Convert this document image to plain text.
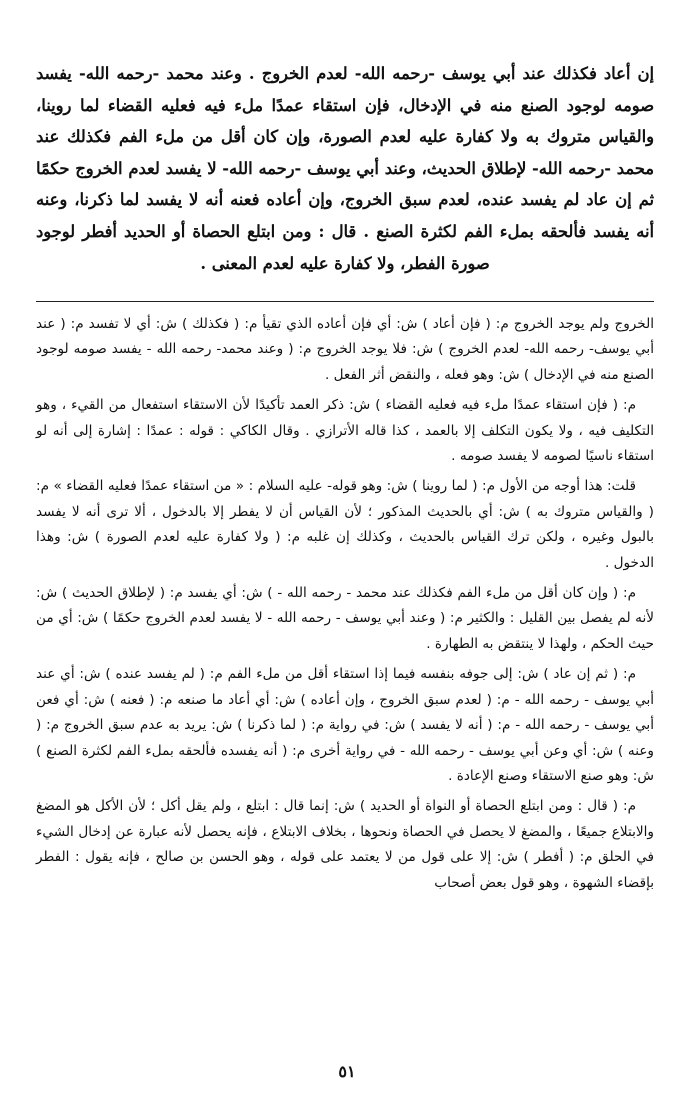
إن أعاد فكذلك عند أبي يوسف -رحمه الله- لعدم الخروج . وعند محمد -رحمه الله- يفسد صومه لوجود الصنع منه في الإدخال، فإن استقاء عمدًا ملء فيه فعليه القضاء لما روينا، والقياس متروك به ولا كفارة عليه لعدم الصورة، وإن كان أقل من ملء الفم فكذلك عند محمد -رحمه الله- لإطلاق الحديث، وعند أبي يوسف -رحمه الله- لا يفسد لعدم الخروج حكمًا ثم إن عاد لم يفسد عنده، لعدم سبق الخروج، وإن أعاده فعنه أنه لا يفسد لما ذكرنا، وعنه أنه يفسد فألحقه بملء الفم لكثرة الصنع . قال : ومن ابتلع الحصاة أو الحديد أفطر لوجود صورة الفطر، ولا كفارة عليه لعدم المعنى .

الخروج ولم يوجد الخروج م: ( فإن أعاد ) ش: أي فإن أعاده الذي تقيأ م: ( فكذلك ) ش: أي لا تفسد م: ( عند أبي يوسف- رحمه الله- لعدم الخروج ) ش: فلا يوجد الخروج م: ( وعند محمد- رحمه الله - يفسد صومه لوجود الصنع منه في الإدخال ) ش: وهو فعله ، والنقض أثر الفعل .

م: ( فإن استقاء عمدًا ملء فيه فعليه القضاء ) ش: ذكر العمد تأكيدًا لأن الاستقاء استفعال من القيء ، وهو التكليف فيه ، ولا يكون التكلف إلا بالعمد ، كذا قاله الأترازي . وقال الكاكي : قوله : عمدًا : إشارة إلى أنه لو استقاء ناسيًا لصومه لا يفسد صومه .

قلت: هذا أوجه من الأول م: ( لما روينا ) ش: وهو قوله- عليه السلام : « من استقاء عمدًا فعليه القضاء » م: ( والقياس متروك به ) ش: أي بالحديث المذكور ؛ لأن القياس أن لا يفطر إلا بالدخول ، ألا ترى أنه لا يفسد بالبول وغيره ، ولكن ترك القياس بالحديث ، وكذلك إن غلبه م: ( ولا كفارة عليه لعدم الصورة ) ش: وهذا الدخول .

م: ( وإن كان أقل من ملء الفم فكذلك عند محمد - رحمه الله - ) ش: أي يفسد م: ( لإطلاق الحديث ) ش: لأنه لم يفصل بين القليل : والكثير م: ( وعند أبي يوسف - رحمه الله - لا يفسد لعدم الخروج حكمًا ) ش: أي من حيث الحكم ، ولهذا لا ينتقض به الطهارة .

م: ( ثم إن عاد ) ش: إلى جوفه بنفسه فيما إذا استقاء أقل من ملء الفم م: ( لم يفسد عنده ) ش: أي عند أبي يوسف - رحمه الله - م: ( لعدم سبق الخروج ، وإن أعاده ) ش: أي أعاد ما صنعه م: ( فعنه ) ش: أي فعن أبي يوسف - رحمه الله - م: ( أنه لا يفسد ) ش: في رواية م: ( لما ذكرنا ) ش: يريد به عدم سبق الخروج م: ( وعنه ) ش: أي وعن أبي يوسف - رحمه الله - في رواية أخرى م: ( أنه يفسده فألحقه بملء الفم لكثرة الصنع ) ش: وهو صنع الاستقاء وصنع الإعادة .

م: ( قال : ومن ابتلع الحصاة أو النواة أو الحديد ) ش: إنما قال : ابتلع ، ولم يقل أكل ؛ لأن الأكل هو المضغ والابتلاع جميعًا ، والمضغ لا يحصل في الحصاة ونحوها ، بخلاف الابتلاع ، فإنه يحصل لأنه عبارة عن إدخال الشيء في الحلق م: ( أفطر ) ش: إلا على قول من لا يعتمد على قوله ، وهو الحسن بن صالح ، فإنه يقول : الفطر بإقضاء الشهوة ، وهو قول بعض أصحاب

٥١
